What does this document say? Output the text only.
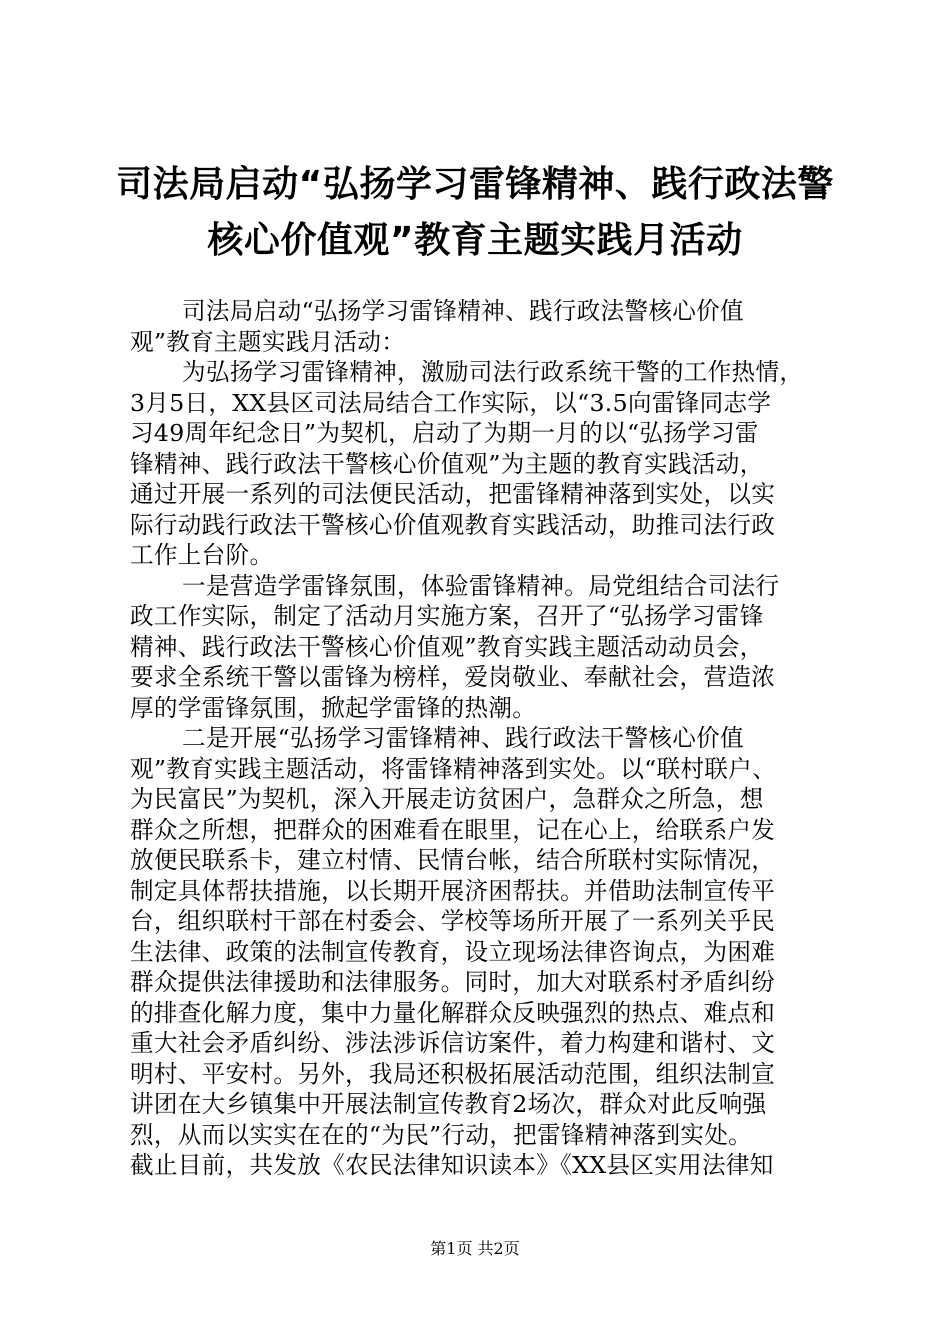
司法局启动“弘扬学习雷锋精神、践行政法警
核心价值观”教育主题实践月活动
司法局启动“弘扬学习雷锋精神、践行政法警核心价值
观”教育主题实践月活动：
为弘扬学习雷锋精神，激励司法行政系统干警的工作热情，
3月5日，XX县区司法局结合工作实际，以“3.5向雷锋同志学
习49周年纪念日”为契机，启动了为期一月的以“弘扬学习雷
锋精神、践行政法干警核心价值观”为主题的教育实践活动，
通过开展一系列的司法便民活动，把雷锋精神落到实处，以实
际行动践行政法干警核心价值观教育实践活动，助推司法行政
工作上台阶。
一是营造学雷锋氛围，体验雷锋精神。局党组结合司法行
政工作实际，制定了活动月实施方案，召开了“弘扬学习雷锋
精神、践行政法干警核心价值观”教育实践主题活动动员会，
要求全系统干警以雷锋为榜样，爱岗敬业、奉献社会，营造浓
厚的学雷锋氛围，掀起学雷锋的热潮。
二是开展“弘扬学习雷锋精神、践行政法干警核心价值
观”教育实践主题活动，将雷锋精神落到实处。以“联村联户、
为民富民”为契机，深入开展走访贫困户，急群众之所急，想
群众之所想，把群众的困难看在眼里，记在心上，给联系户发
放便民联系卡，建立村情、民情台帐，结合所联村实际情况，
制定具体帮扶措施，以长期开展济困帮扶。并借助法制宣传平
台，组织联村干部在村委会、学校等场所开展了一系列关乎民
生法律、政策的法制宣传教育，设立现场法律咨询点，为困难
群众提供法律援助和法律服务。同时，加大对联系村矛盾纠纷
的排查化解力度，集中力量化解群众反映强烈的热点、难点和
重大社会矛盾纠纷、涉法涉诉信访案件，着力构建和谐村、文
明村、平安村。另外，我局还积极拓展活动范围，组织法制宣
讲团在大乡镇集中开展法制宣传教育2场次，群众对此反响强
烈，从而以实实在在的“为民”行动，把雷锋精神落到实处。
截止目前，共发放《农民法律知识读本》《XX县区实用法律知
第1页 共2页
